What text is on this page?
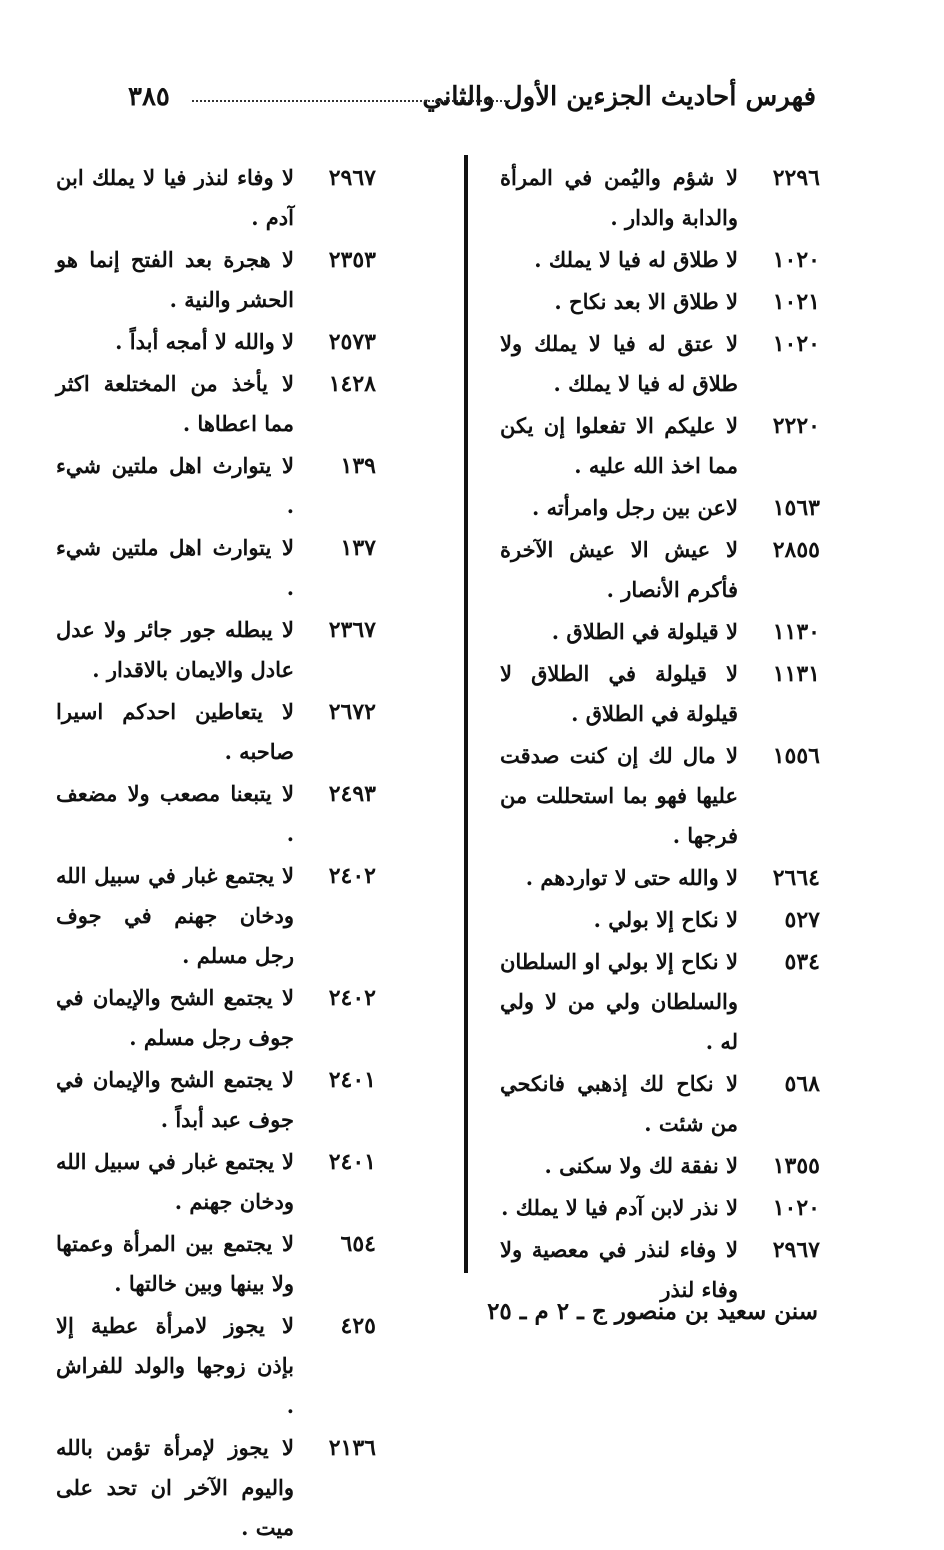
فهرس أحاديث الجزءين الأول والثاني
٣٨٥
٢٢٩٦
لا شؤم واليُمن في المرأة والدابة والدار .
١٠٢٠
لا طلاق له فيا لا يملك .
١٠٢١
لا طلاق الا بعد نكاح .
١٠٢٠
لا عتق له فيا لا يملك ولا طلاق له فيا لا يملك .
٢٢٢٠
لا عليكم الا تفعلوا إن يكن مما اخذ الله عليه .
١٥٦٣
لاعن بين رجل وامرأته .
٢٨٥٥
لا عيش الا عيش الآخرة فأكرم الأنصار .
١١٣٠
لا قيلولة في الطلاق .
١١٣١
لا قيلولة في الطلاق لا قيلولة في الطلاق .
١٥٥٦
لا مال لك إن كنت صدقت عليها فهو بما استحللت من فرجها .
٢٦٦٤
لا والله حتى لا تواردهم .
٥٢٧
لا نكاح إلا بولي .
٥٣٤
لا نكاح إلا بولي او السلطان والسلطان ولي من لا ولي له .
٥٦٨
لا نكاح لك إذهبي فانكحي من شئت .
١٣٥٥
لا نفقة لك ولا سكنى .
١٠٢٠
لا نذر لابن آدم فيا لا يملك .
٢٩٦٧
لا وفاء لنذر في معصية ولا وفاء لنذر
٢٩٦٧
لا وفاء لنذر فيا لا يملك ابن آدم .
٢٣٥٣
لا هجرة بعد الفتح إنما هو الحشر والنية .
٢٥٧٣
لا والله لا أمجه أبداً .
١٤٢٨
لا يأخذ من المختلعة اكثر مما اعطاها .
١٣٩
لا يتوارث اهل ملتين شيء .
١٣٧
لا يتوارث اهل ملتين شيء .
٢٣٦٧
لا يبطله جور جائر ولا عدل عادل والايمان بالاقدار .
٢٦٧٢
لا يتعاطين احدكم اسيرا صاحبه .
٢٤٩٣
لا يتبعنا مصعب ولا مضعف .
٢٤٠٢
لا يجتمع غبار في سبيل الله ودخان جهنم في جوف رجل مسلم .
٢٤٠٢
لا يجتمع الشح والإيمان في جوف رجل مسلم .
٢٤٠١
لا يجتمع الشح والإيمان في جوف عبد أبداً .
٢٤٠١
لا يجتمع غبار في سبيل الله ودخان جهنم .
٦٥٤
لا يجتمع بين المرأة وعمتها ولا بينها وبين خالتها .
٤٢٥
لا يجوز لامرأة عطية إلا بإذن زوجها والولد للفراش .
٢١٣٦
لا يجوز لإمرأة تؤمن بالله واليوم الآخر ان تحد على ميت .
سنن سعيد بن منصور ج ـ ٢ م ـ ٢٥
